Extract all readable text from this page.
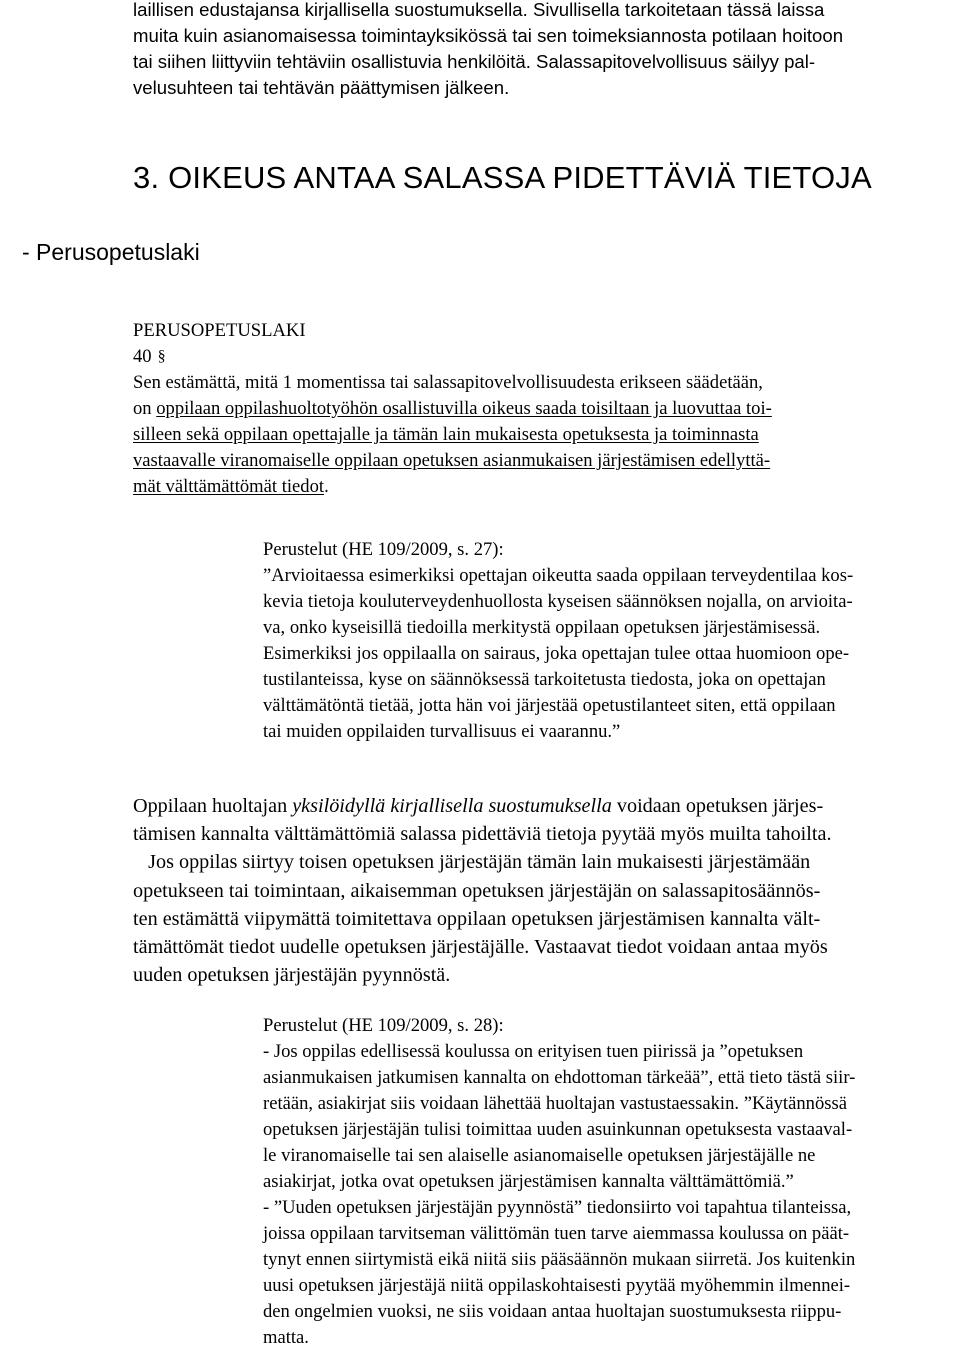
laillisen edustajansa kirjallisella suostumuksella. Sivullisella tarkoitetaan tässä laissa
muita kuin asianomaisessa toimintayksikössä tai sen toimeksiannosta potilaan hoitoon
tai siihen liittyviin tehtäviin osallistuvia henkilöitä. Salassapitovelvollisuus säilyy pal-
velusuhteen tai tehtävän päättymisen jälkeen.
3. OIKEUS ANTAA SALASSA PIDETTÄVIÄ TIETOJA
- Perusopetuslaki
PERUSOPETUSLAKI
40 §
Sen estämättä, mitä 1 momentissa tai salassapitovelvollisuudesta erikseen säädetään,
on oppilaan oppilashuoltotyöhön osallistuvilla oikeus saada toisiltaan ja luovuttaa toi-
silleen sekä oppilaan opettajalle ja tämän lain mukaisesta opetuksesta ja toiminnasta
vastaavalle viranomaiselle oppilaan opetuksen asianmukaisen järjestämisen edellyttä-
mät välttämättömät tiedot.
Perustelut (HE 109/2009, s. 27):
”Arvioitaessa esimerkiksi opettajan oikeutta saada oppilaan terveydentilaa kos-
kevia tietoja kouluterveydenhuollosta kyseisen säännöksen nojalla, on arvioita-
va, onko kyseisillä tiedoilla merkitystä oppilaan opetuksen järjestämisessä.
Esimerkiksi jos oppilaalla on sairaus, joka opettajan tulee ottaa huomioon ope-
tustilanteissa, kyse on säännöksessä tarkoitetusta tiedosta, joka on opettajan
välttämätöntä tietää, jotta hän voi järjestää opetustilanteet siten, että oppilaan
tai muiden oppilaiden turvallisuus ei vaarannu.”
Oppilaan huoltajan yksilöidyllä kirjallisella suostumuksella voidaan opetuksen järjes-
tämisen kannalta välttämättömiä salassa pidettäviä tietoja pyytää myös muilta tahoilta.
Jos oppilas siirtyy toisen opetuksen järjestäjän tämän lain mukaisesti järjestämään
opetukseen tai toimintaan, aikaisemman opetuksen järjestäjän on salassapitosäännös-
ten estämättä viipymättä toimitettava oppilaan opetuksen järjestämisen kannalta vält-
tämättömät tiedot uudelle opetuksen järjestäjälle. Vastaavat tiedot voidaan antaa myös
uuden opetuksen järjestäjän pyynnöstä.
Perustelut (HE 109/2009, s. 28):
- Jos oppilas edellisessä koulussa on erityisen tuen piirissä ja ”opetuksen
asianmukaisen jatkumisen kannalta on ehdottoman tärkeää”, että tieto tästä siir-
retään, asiakirjat siis voidaan lähettää huoltajan vastustaessakin. ”Käytännössä
opetuksen järjestäjän tulisi toimittaa uuden asuinkunnan opetuksesta vastaaval-
le viranomaiselle tai sen alaiselle asianomaiselle opetuksen järjestäjälle ne
asiakirjat, jotka ovat opetuksen järjestämisen kannalta välttämättömiä.”
- ”Uuden opetuksen järjestäjän pyynnöstä” tiedonsiirto voi tapahtua tilanteissa,
joissa oppilaan tarvitseman välittömän tuen tarve aiemmassa koulussa on päät-
tynyt ennen siirtymistä eikä niitä siis pääsäännön mukaan siirretä. Jos kuitenkin
uusi opetuksen järjestäjä niitä oppilaskohtaisesti pyytää myöhemmin ilmennei-
den ongelmien vuoksi, ne siis voidaan antaa huoltajan suostumuksesta riippu-
matta.
